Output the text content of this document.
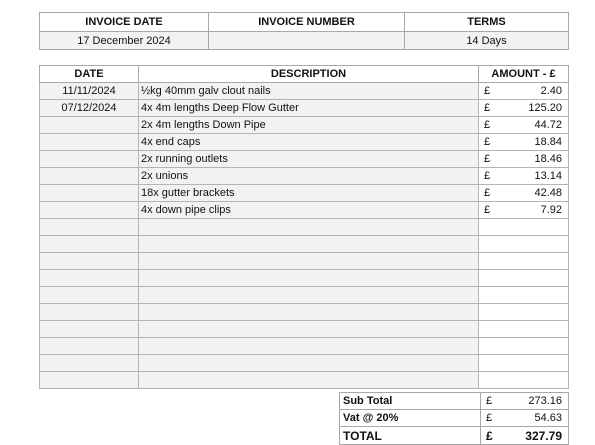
INVOICE DATE	INVOICE NUMBER	TERMS
17 December 2024		14 Days
DATE	DESCRIPTION	AMOUNT - £	
11/11/2024	½kg 40mm galv clout nails	£	2.40
07/12/2024	4x 4m lengths Deep Flow Gutter	£	125.20
	2x 4m lengths Down Pipe	£	44.72
	4x end caps	£	18.84
	2x running outlets	£	18.46
	2x unions	£	13.14
	18x gutter brackets	£	42.48
	4x down pipe clips	£	7.92

Sub Total	£	273.16
Vat @ 20%	£	54.63
TOTAL	£	327.79
